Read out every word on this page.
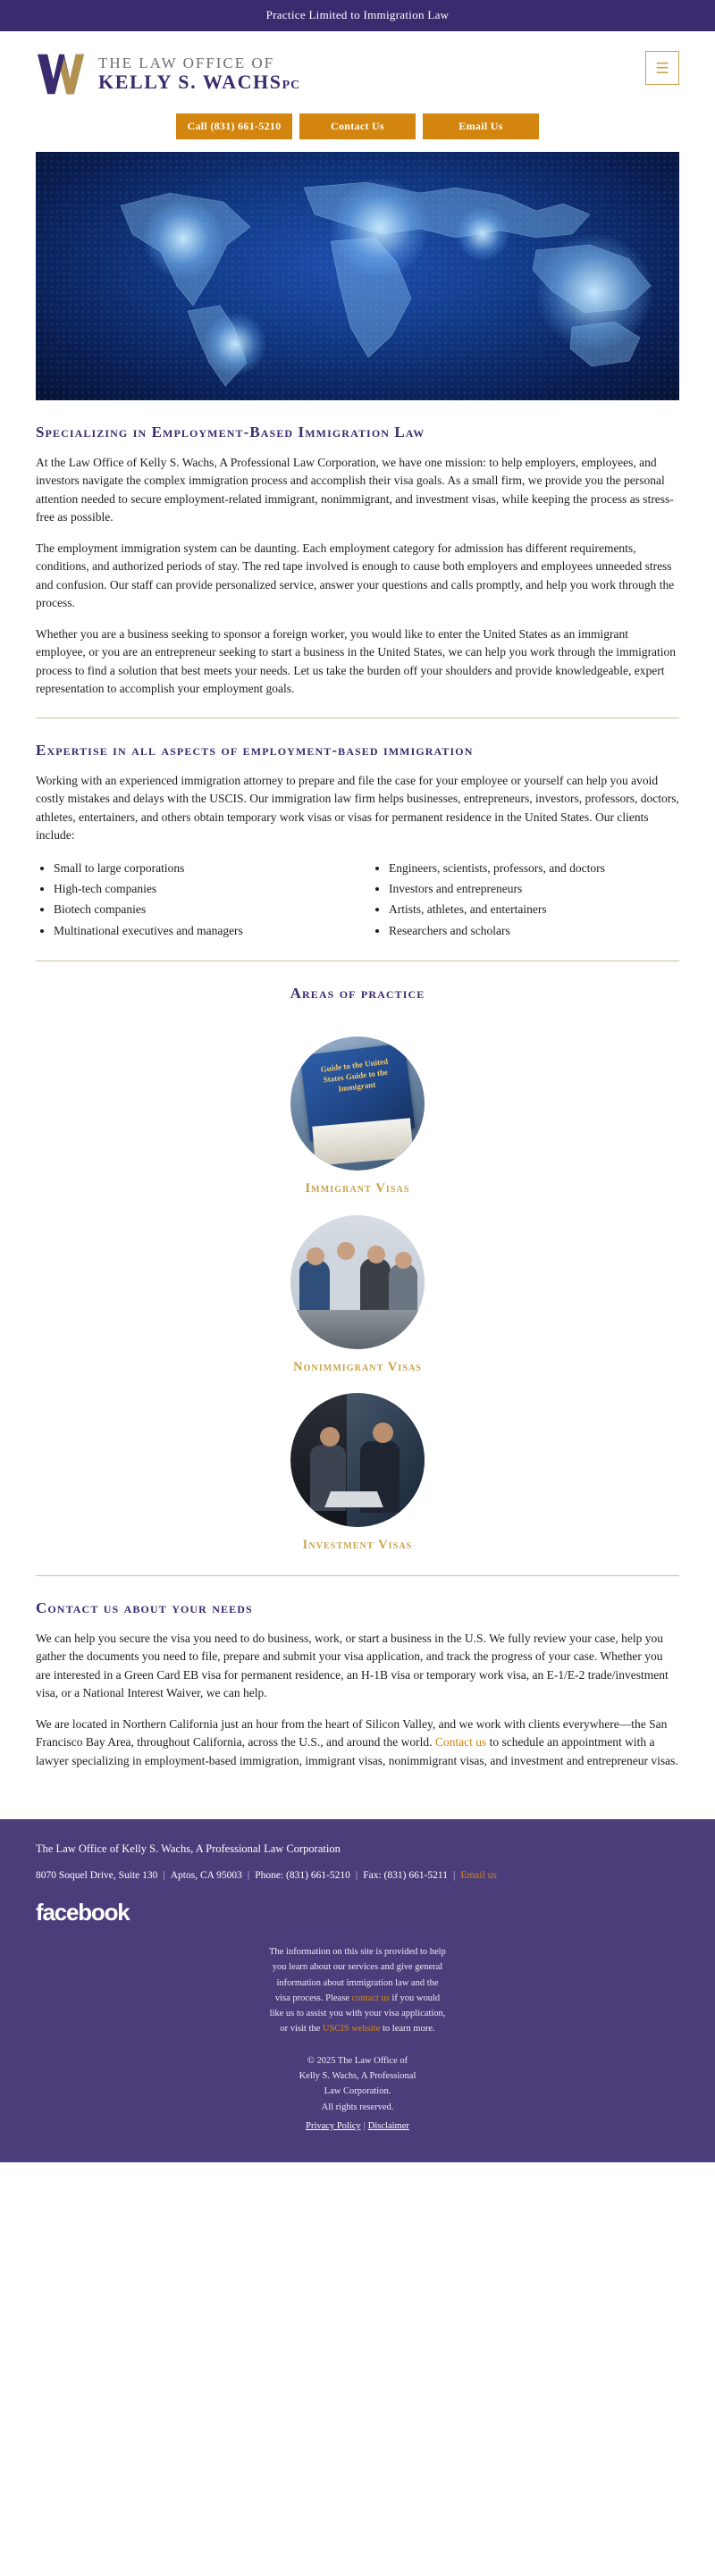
Practice Limited to Immigration Law
THE LAW OFFICE OF
KELLY S. WACHSPC
☰
Call (831) 661-5210	Contact Us	Email Us
Specializing in Employment-Based Immigration Law

At the Law Office of Kelly S. Wachs, A Professional Law Corporation, we have one mission: to help employers, employees, and investors navigate the complex immigration process and accomplish their visa goals. As a small firm, we provide you the personal attention needed to secure employment-related immigrant, nonimmigrant, and investment visas, while keeping the process as stress-free as possible.

The employment immigration system can be daunting. Each employment category for admission has different requirements, conditions, and authorized periods of stay. The red tape involved is enough to cause both employers and employees unneeded stress and confusion. Our staff can provide personalized service, answer your questions and calls promptly, and help you work through the process.

Whether you are a business seeking to sponsor a foreign worker, you would like to enter the United States as an immigrant employee, or you are an entrepreneur seeking to start a business in the United States, we can help you work through the immigration process to find a solution that best meets your needs. Let us take the burden off your shoulders and provide knowledgeable, expert representation to accomplish your employment goals.

Expertise in all aspects of employment-based immigration

Working with an experienced immigration attorney to prepare and file the case for your employee or yourself can help you avoid costly mistakes and delays with the USCIS. Our immigration law firm helps businesses, entrepreneurs, investors, professors, doctors, athletes, entertainers, and others obtain temporary work visas or visas for permanent residence in the United States. Our clients include:

• Small to large corporations
• High-tech companies
• Biotech companies
• Multinational executives and managers
• Engineers, scientists, professors, and doctors
• Investors and entrepreneurs
• Artists, athletes, and entertainers
• Researchers and scholars
Areas of practice
Guide to the United States Guide to the Immigrant
Immigrant Visas
Nonimmigrant Visas
Investment Visas
Contact us about your needs

We can help you secure the visa you need to do business, work, or start a business in the U.S. We fully review your case, help you gather the documents you need to file, prepare and submit your visa application, and track the progress of your case. Whether you are interested in a Green Card EB visa for permanent residence, an H-1B visa or temporary work visa, an E-1/E-2 trade/investment visa, or a National Interest Waiver, we can help.

We are located in Northern California just an hour from the heart of Silicon Valley, and we work with clients everywhere—the San Francisco Bay Area, throughout California, across the U.S., and around the world. Contact us to schedule an appointment with a lawyer specializing in employment-based immigration, immigrant visas, nonimmigrant visas, and investment and entrepreneur visas.

The Law Office of Kelly S. Wachs, A Professional Law Corporation
8070 Soquel Drive, Suite 130 | Aptos, CA 95003 | Phone: (831) 661-5210 | Fax: (831) 661-5211 | Email us
facebook
The information on this site is provided to help you learn about our services and give general information about immigration law and the visa process. Please contact us if you would like us to assist you with your visa application, or visit the USCIS website to learn more.
© 2025 The Law Office of
Kelly S. Wachs, A Professional
Law Corporation.
All rights reserved.
Privacy Policy | Disclaimer
